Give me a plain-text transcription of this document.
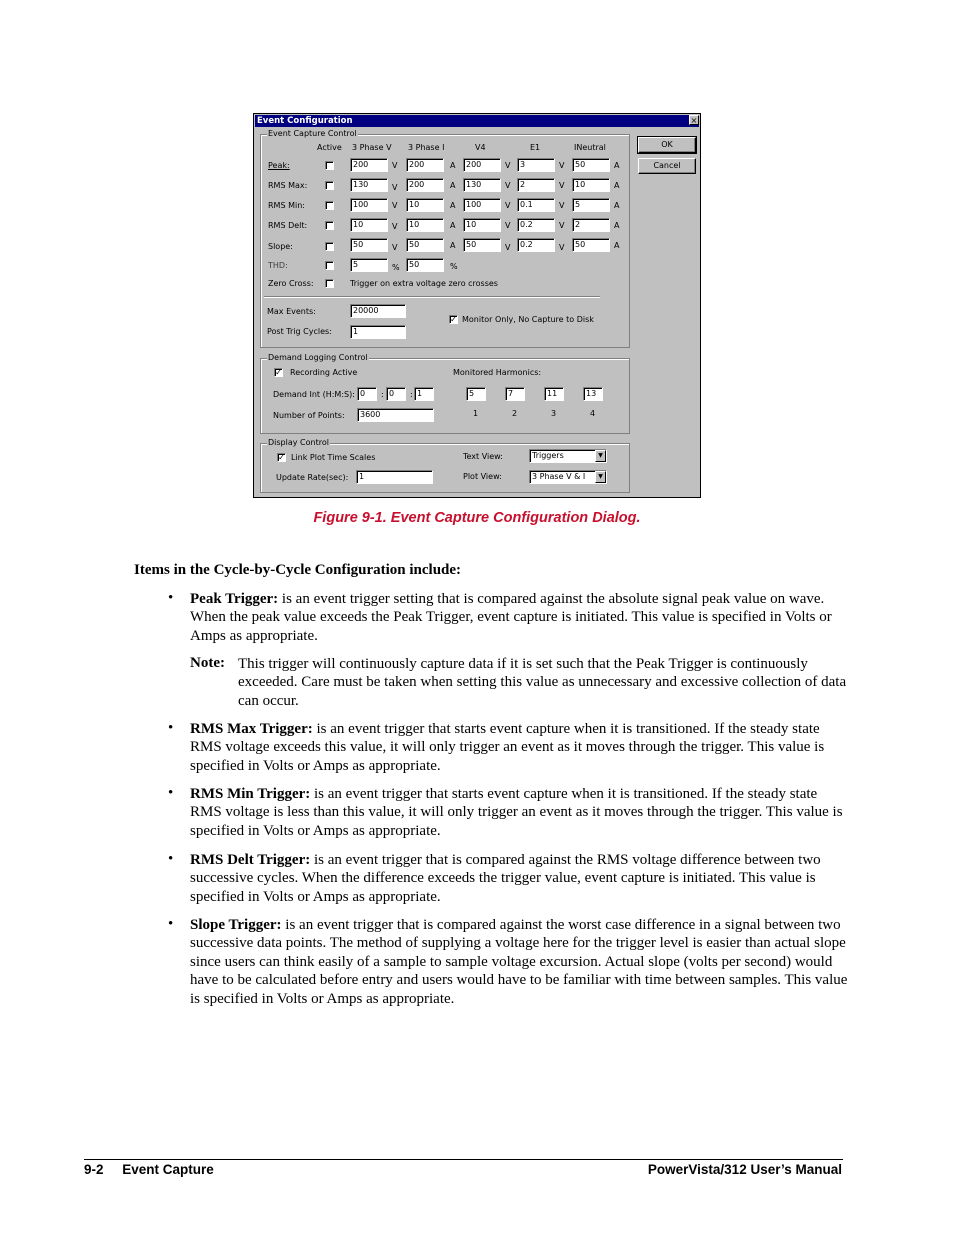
Event Configuration	×
Event Capture Control
Active 3 Phase V 3 Phase I	V4	E1	INeutral
Peak:	200	V	200	A	200	V	3	V	50	A
RMS Max:	130	V	200	A	130	V	2	V	10	A
RMS Min:	100	V	10	A	100	V	0.1	V	5	A
RMS Delt:	10	V	10	A	10	V	0.2	V	2	A
Slope:	50	V	50	A	50	V	0.2	V	50	A
THD:	5	%	50	%
Zero Cross:	Trigger on extra voltage zero crosses
Max Events:	20000
Post Trig Cycles:	1
✓ Monitor Only, No Capture to Disk
OK
Cancel
Demand Logging Control
✓ Recording Active	Monitored Harmonics:
Demand Int (H:M:S): 0	: 0	: 1	5	7	11	13
1	2	3	4
Number of Points:	3600
Display Control
✓ Link Plot Time Scales
Update Rate(sec):	1
Text View:	Triggers	▼
Plot View:	3 Phase V & I	▼
Figure 9-1. Event Capture Configuration Dialog.
Items in the Cycle-by-Cycle Configuration include:
• Peak Trigger: is an event trigger setting that is compared against the absolute signal peak value on wave. When the peak value exceeds the Peak Trigger, event capture is initiated. This value is specified in Volts or Amps as appropriate.
Note: This trigger will continuously capture data if it is set such that the Peak Trigger is continuously exceeded. Care must be taken when setting this value as unnecessary and excessive collection of data can occur.
• RMS Max Trigger: is an event trigger that starts event capture when it is transitioned. If the steady state RMS voltage exceeds this value, it will only trigger an event as it moves through the trigger. This value is specified in Volts or Amps as appropriate.
• RMS Min Trigger: is an event trigger that starts event capture when it is transitioned. If the steady state RMS voltage is less than this value, it will only trigger an event as it moves through the trigger. This value is specified in Volts or Amps as appropriate.
• RMS Delt Trigger: is an event trigger that is compared against the RMS voltage difference between two successive cycles. When the difference exceeds the trigger value, event capture is initiated. This value is specified in Volts or Amps as appropriate.
• Slope Trigger: is an event trigger that is compared against the worst case difference in a signal between two successive data points. The method of supplying a voltage here for the trigger level is easier than actual slope since users can think easily of a sample to sample voltage excursion. Actual slope (volts per second) would have to be calculated before entry and users would have to be familiar with time between samples. This value is specified in Volts or Amps as appropriate.
9-2     Event Capture	PowerVista/312 User’s Manual
